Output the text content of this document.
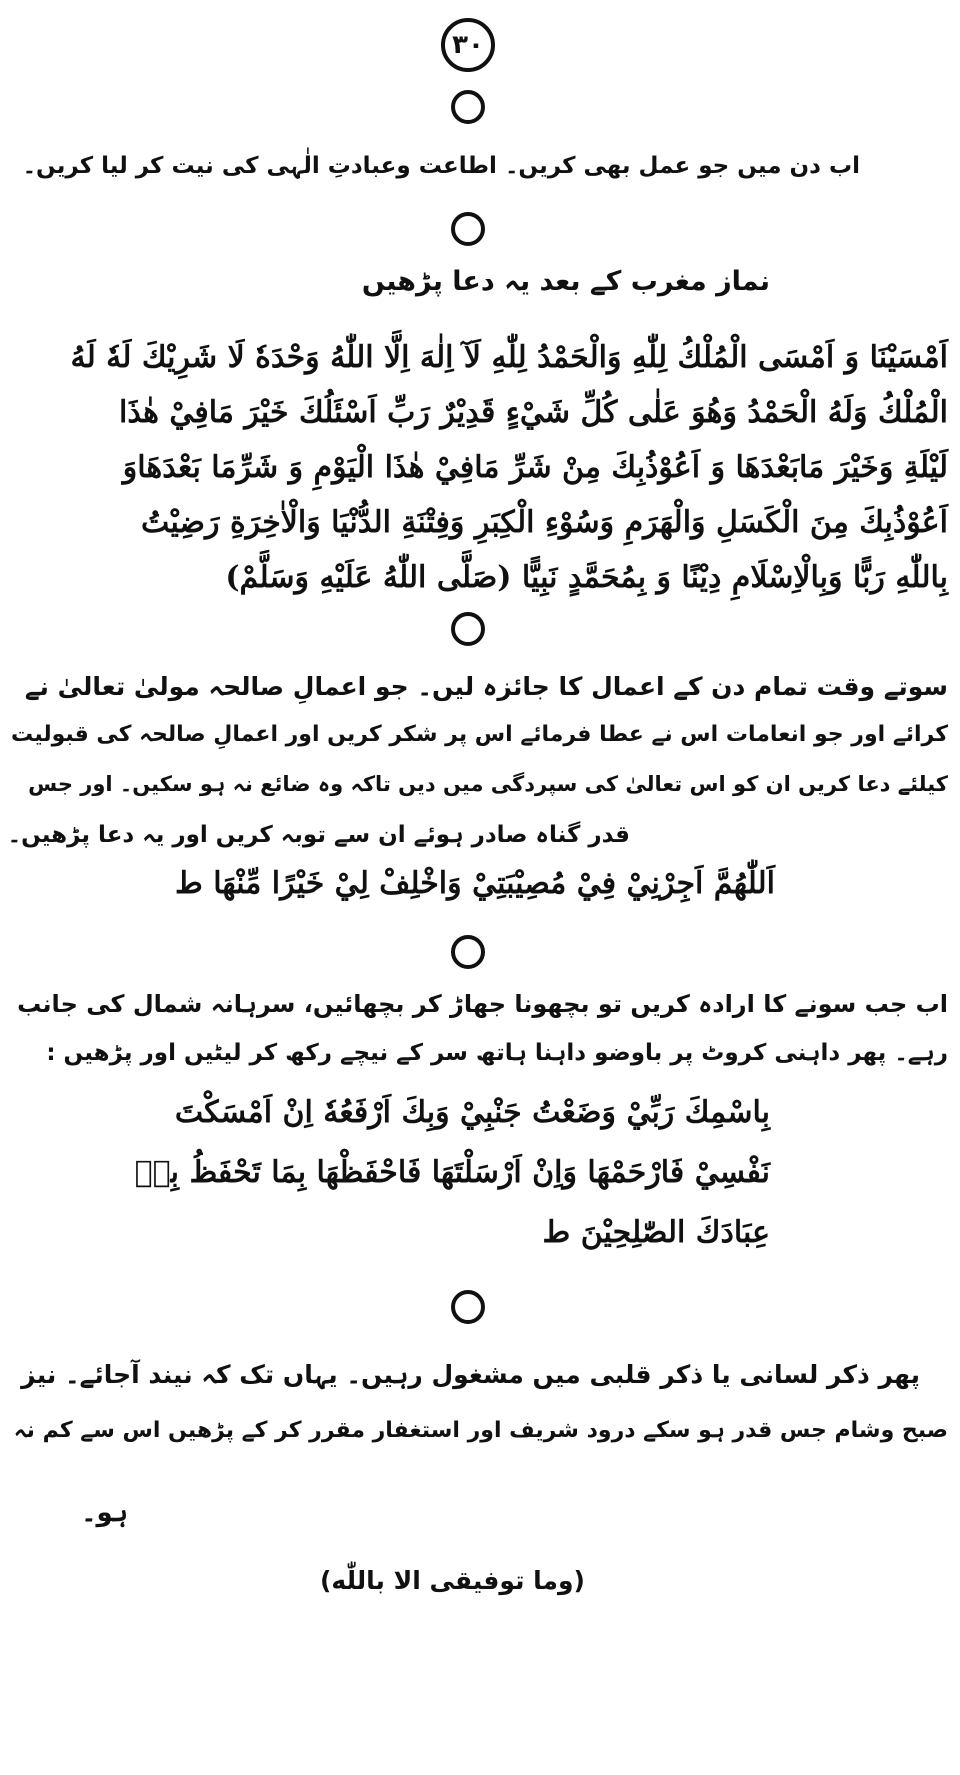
٣٠
اب دن میں جو عمل بھی کریں۔ اطاعت وعبادتِ الٰہی کی نیت کر لیا کریں۔
نماز مغرب کے بعد یہ دعا پڑھیں
اَمْسَيْنَا وَ اَمْسَى الْمُلْكُ لِلّٰهِ وَالْحَمْدُ لِلّٰهِ لَآ اِلٰهَ اِلَّا اللّٰهُ وَحْدَهٗ لَا شَرِيْكَ لَهٗ لَهُ
الْمُلْكُ وَلَهُ الْحَمْدُ وَهُوَ عَلٰى كُلِّ شَيْءٍ قَدِيْرٌ رَبِّ اَسْئَلُكَ خَيْرَ مَافِيْ هٰذَا
لَيْلَةِ وَخَيْرَ مَابَعْدَهَا وَ اَعُوْذُبِكَ مِنْ شَرِّ مَافِيْ هٰذَا الْيَوْمِ وَ شَرِّمَا بَعْدَهَاوَ
اَعُوْذُبِكَ مِنَ الْكَسَلِ وَالْهَرَمِ وَسُوْءِ الْكِبَرِ وَفِتْنَةِ الدُّنْيَا وَالْاٰخِرَةِ رَضِيْتُ
بِاللّٰهِ رَبًّا وَبِالْاِسْلَامِ دِيْنًا وَ بِمُحَمَّدٍ نَبِيًّا (صَلَّى اللّٰهُ عَلَيْهِ وَسَلَّمْ)
سوتے وقت تمام دن کے اعمال کا جائزہ لیں۔ جو اعمالِ صالحہ مولیٰ تعالیٰ نے
کرائے اور جو انعامات اس نے عطا فرمائے اس پر شکر کریں اور اعمالِ صالحہ کی قبولیت
کیلئے دعا کریں ان کو اس تعالیٰ کی سپردگی میں دیں تاکہ وہ ضائع نہ ہو سکیں۔ اور جس
قدر گناہ صادر ہوئے ان سے توبہ کریں اور یہ دعا پڑھیں۔
اَللّٰهُمَّ اَجِرْنِيْ فِيْ مُصِيْبَتِيْ وَاخْلِفْ لِيْ خَيْرًا مِّنْهَا ط
اب جب سونے کا ارادہ کریں تو بچھونا جھاڑ کر بچھائیں، سرہانہ شمال کی جانب
رہے۔ پھر داہنی کروٹ پر باوضو داہنا ہاتھ سر کے نیچے رکھ کر لیٹیں اور پڑھیں :
بِاسْمِكَ رَبِّيْ وَضَعْتُ جَنْبِيْ وَبِكَ اَرْفَعُهٗ اِنْ اَمْسَكْتَ
نَفْسِيْ فَارْحَمْهَا وَاِنْ اَرْسَلْتَهَا فَاحْفَظْهَا بِمَا تَحْفَظُ بِهٖ
عِبَادَكَ الصّٰلِحِيْنَ ط
پھر ذکر لسانی یا ذکر قلبی میں مشغول رہیں۔ یہاں تک کہ نیند آجائے۔ نیز
صبح وشام جس قدر ہو سکے درود شریف اور استغفار مقرر کر کے پڑھیں اس سے کم نہ
ہو۔
(وما توفیقی الا باللّٰه)
